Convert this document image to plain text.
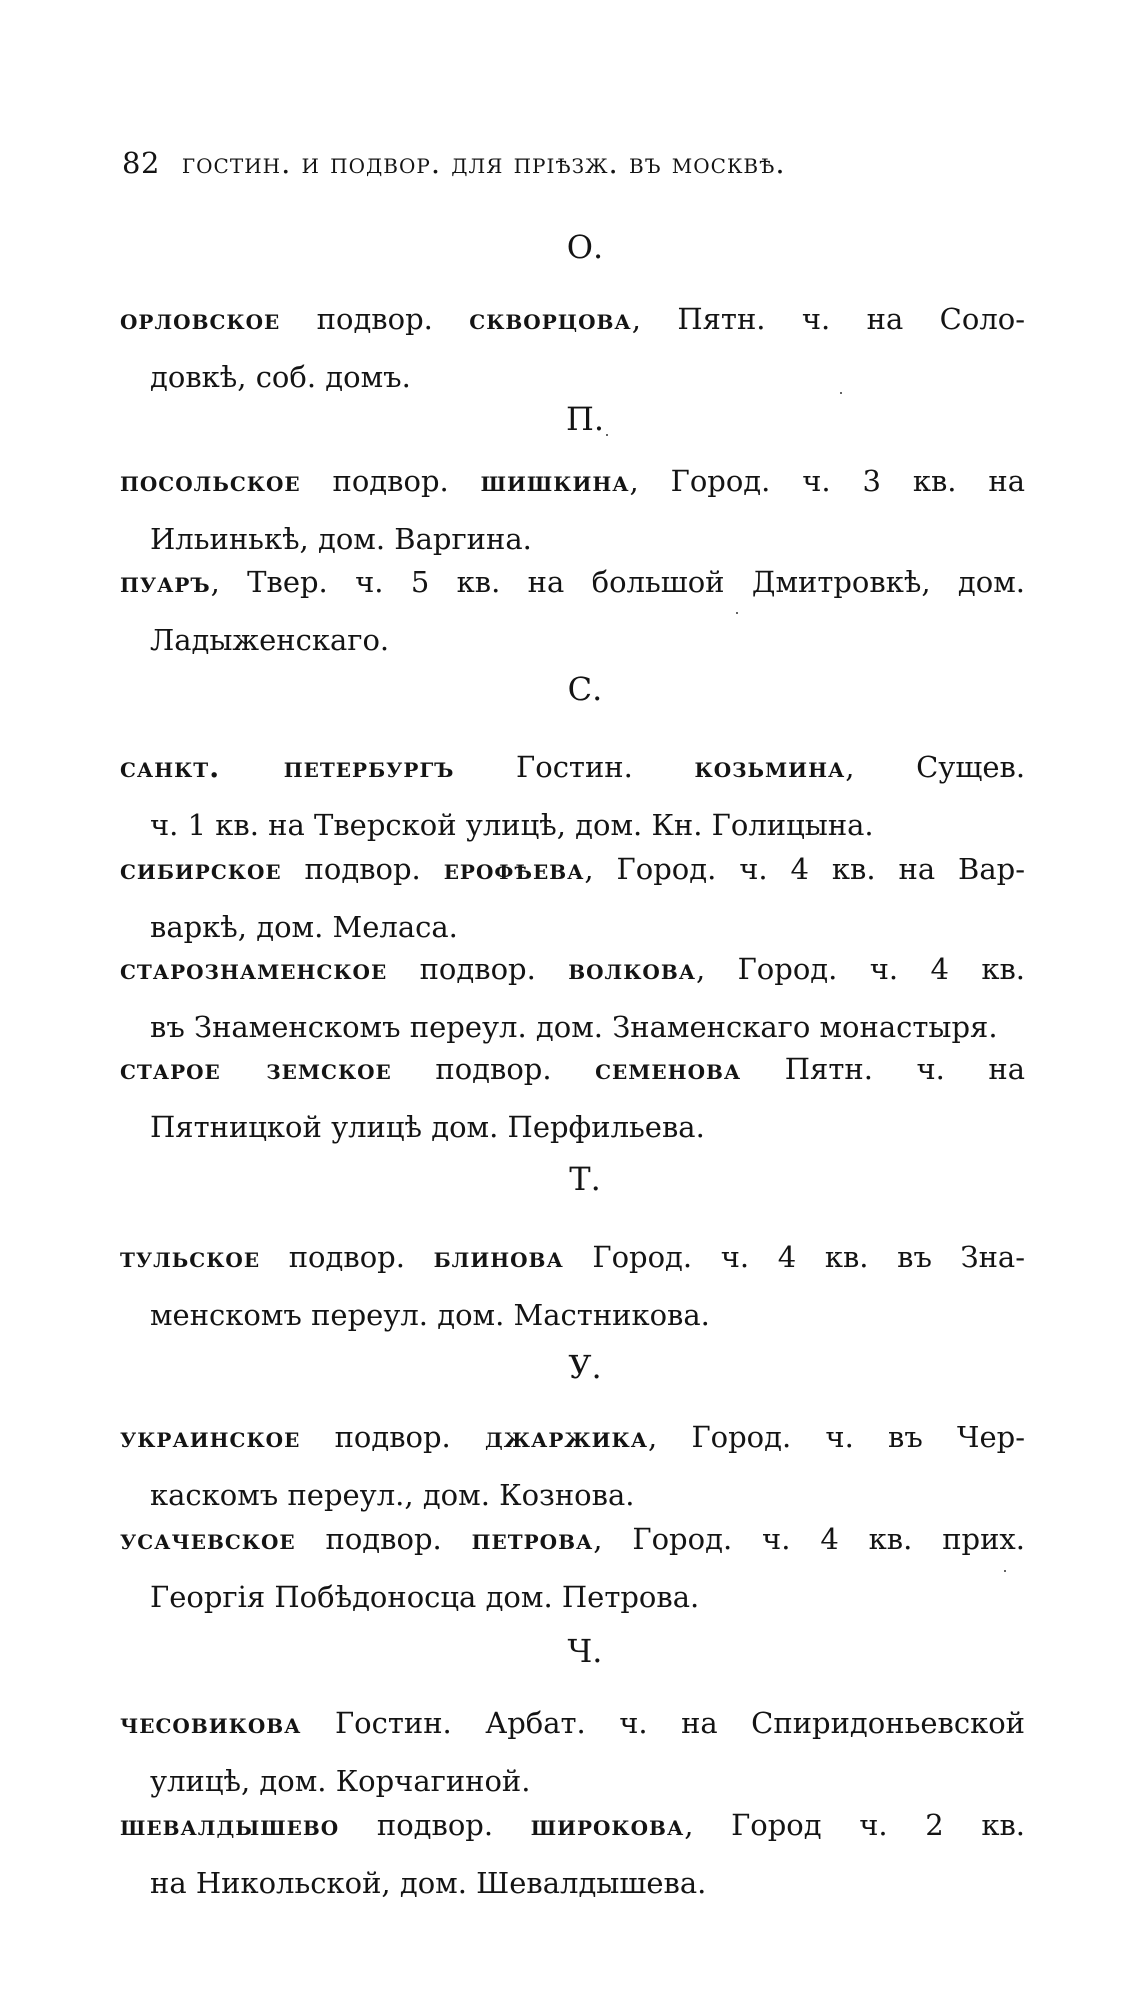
82 гостин. и подвор. для пріѣзж. въ москвѣ.
О.
орловское подвор. скворцова, Пятн. ч. на Соло-
довкѣ, соб. домъ.
П.
посольское подвор. шишкина, Город. ч. 3 кв. на
Ильинькѣ, дом. Варгина.
пуаръ, Твер. ч. 5 кв. на большой Дмитровкѣ, дом.
Ладыженскаго.
С.
санкт. петербургъ Гостин. козьмина, Сущев.
ч. 1 кв. на Тверской улицѣ, дом. Кн. Голицына.
сибирское подвор. ерофѣева, Город. ч. 4 кв. на Вар-
варкѣ, дом. Меласа.
старознаменское подвор. волкова, Город. ч. 4 кв.
въ Знаменскомъ переул. дом. Знаменскаго монастыря.
старое земское подвор. семенова Пятн. ч. на
Пятницкой улицѣ дом. Перфильева.
Т.
тульское подвор. блинова Город. ч. 4 кв. въ Зна-
менскомъ переул. дом. Мастникова.
У.
украинское подвор. джаржика, Город. ч. въ Чер-
каскомъ переул., дом. Кознова.
усачевское подвор. петрова, Город. ч. 4 кв. прих.
Георгія Побѣдоносца дом. Петрова.
Ч.
чесовикова Гостин. Арбат. ч. на Спиридоньевской
улицѣ, дом. Корчагиной.
шевалдышево подвор. широкова, Город ч. 2 кв.
на Никольской, дом. Шевалдышева.
